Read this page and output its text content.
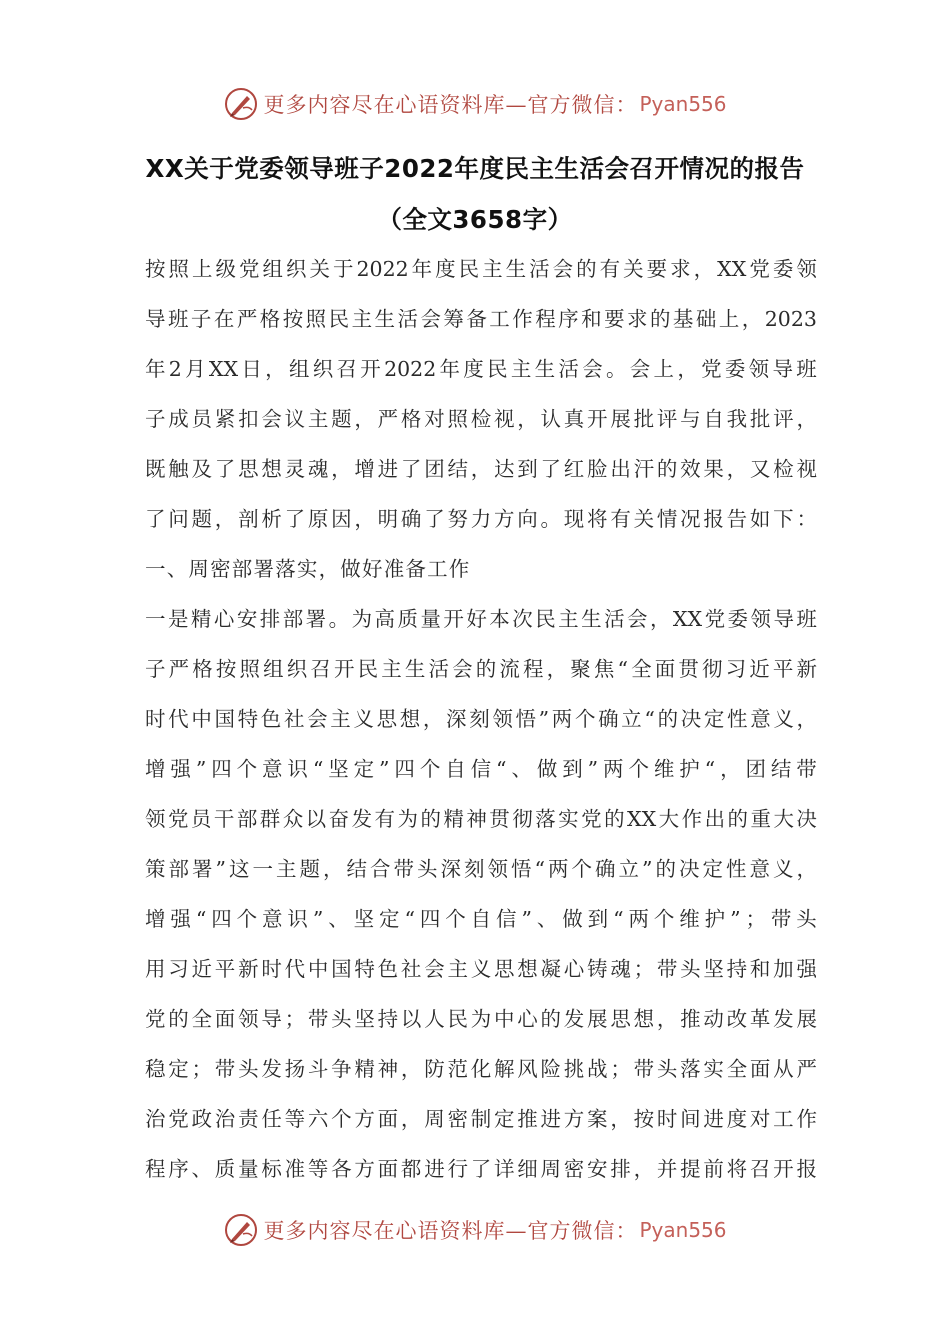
更多内容尽在心语资料库—官方微信： Pyan556
XX关于党委领导班子2022年度民主生活会召开情况的报告
（全文3658字）
按 照 上 级 党 组 织 关 于 2022 年 度 民 主 生 活 会 的 有 关 要 求 ， XX 党 委 领
导 班 子 在 严 格 按 照 民 主 生 活 会 筹 备 工 作 程 序 和 要 求 的 基 础 上 ， 2023
年 2 月 XX 日 ， 组 织 召 开 2022 年 度 民 主 生 活 会 。 会 上 ， 党 委 领 导 班
子 成 员 紧 扣 会 议 主 题 ， 严 格 对 照 检 视 ， 认 真 开 展 批 评 与 自 我 批 评 ，
既 触 及 了 思 想 灵 魂 ， 增 进 了 团 结 ， 达 到 了 红 脸 出 汗 的 效 果 ， 又 检 视
了 问 题 ， 剖 析 了 原 因 ， 明 确 了 努 力 方 向 。 现 将 有 关 情 况 报 告 如 下 ：
一、周密部署落实，做好准备工作
一 是 精 心 安 排 部 署 。 为 高 质 量 开 好 本 次 民 主 生 活 会 ， XX 党 委 领 导 班
子 严 格 按 照 组 织 召 开 民 主 生 活 会 的 流 程 ， 聚 焦 “ 全 面 贯 彻 习 近 平 新
时 代 中 国 特 色 社 会 主 义 思 想 ， 深 刻 领 悟 ” 两 个 确 立 “ 的 决 定 性 意 义 ，
增 强 ” 四 个 意 识 “ 坚 定 ” 四 个 自 信 “ 、 做 到 ” 两 个 维 护 “ ， 团 结 带
领 党 员 干 部 群 众 以 奋 发 有 为 的 精 神 贯 彻 落 实 党 的 XX 大 作 出 的 重 大 决
策 部 署 ” 这 一 主 题 ， 结 合 带 头 深 刻 领 悟 “ 两 个 确 立 ” 的 决 定 性 意 义 ，
增 强 “ 四 个 意 识 ” 、 坚 定 “ 四 个 自 信 ” 、 做 到 “ 两 个 维 护 ” ； 带 头
用 习 近 平 新 时 代 中 国 特 色 社 会 主 义 思 想 凝 心 铸 魂 ； 带 头 坚 持 和 加 强
党 的 全 面 领 导 ； 带 头 坚 持 以 人 民 为 中 心 的 发 展 思 想 ， 推 动 改 革 发 展
稳 定 ； 带 头 发 扬 斗 争 精 神 ， 防 范 化 解 风 险 挑 战 ； 带 头 落 实 全 面 从 严
治 党 政 治 责 任 等 六 个 方 面 ， 周 密 制 定 推 进 方 案 ， 按 时 间 进 度 对 工 作
程 序 、 质 量 标 准 等 各 方 面 都 进 行 了 详 细 周 密 安 排 ， 并 提 前 将 召 开 报
更多内容尽在心语资料库—官方微信： Pyan556
